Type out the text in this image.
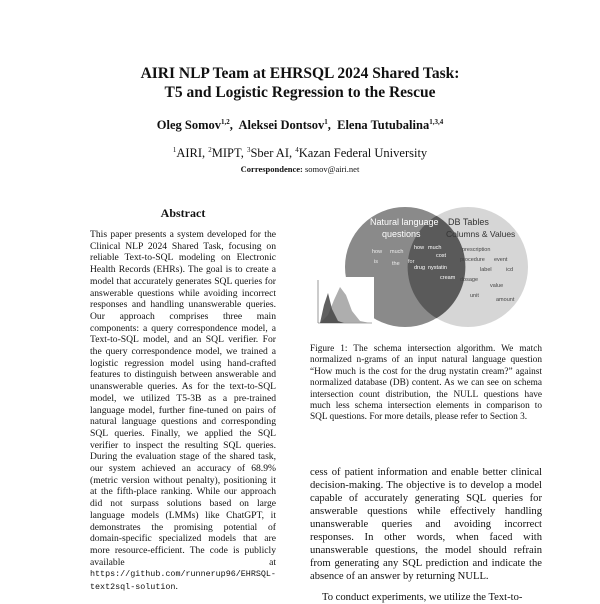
AIRI NLP Team at EHRSQL 2024 Shared Task:
T5 and Logistic Regression to the Rescue
Oleg Somov$^{1,2}$,  Aleksei Dontsov$^1$,  Elena Tutubalina$^{1,3,4}$
$^1$AIRI, $^2$MIPT, $^3$Sber AI, $^4$Kazan Federal University
Correspondence: somov@airi.net
Abstract

This paper presents a system developed for the Clinical NLP 2024 Shared Task, focusing on reliable Text-to-SQL modeling on Electronic Health Records (EHRs). The goal is to create a model that accurately generates SQL queries for answerable questions while avoiding incorrect responses and handling unanswerable queries. Our approach comprises three main components: a query correspondence model, a Text-to-SQL model, and an SQL verifier. For the query correspondence model, we trained a logistic regression model using hand-crafted features to distinguish between answerable and unanswerable queries. As for the text-to-SQL model, we utilized T5-3B as a pre-trained language model, further fine-tuned on pairs of natural language questions and corresponding SQL queries. Finally, we applied the SQL verifier to inspect the resulting SQL queries. During the evaluation stage of the shared task, our system achieved an accuracy of 68.9% (metric version without penalty), positioning it at the fifth-place ranking. While our approach did not surpass solutions based on large language models (LMMs) like ChatGPT, it demonstrates the promising potential of domain-specific specialized models that are more resource-efficient. The code is publicly available at https://github.com/runnerup96/EHRSQL-text2sql-solution.

Natural language
questions
DB Tables
Columns & Values
how much
is	the for
how much
cost
drug nystatin
cream
prescription
procedure event
label	icd
dosage
value
unit
amount

Figure 1: The schema intersection algorithm. We match normalized n-grams of an input natural language question “How much is the cost for the drug nystatin cream?” against normalized database (DB) content. As we can see on schema intersection count distribution, the NULL questions have much less schema intersection elements in comparison to SQL questions. For more details, please refer to Section 3.

cess of patient information and enable better clinical decision-making. The objective is to develop a model capable of accurately generating SQL queries for answerable questions while effectively handling unanswerable queries and avoiding incorrect responses. In other words, when faced with unanswerable questions, the model should refrain from generating any SQL prediction and indicate the absence of an answer by returning NULL.

To conduct experiments, we utilize the Text-to-
